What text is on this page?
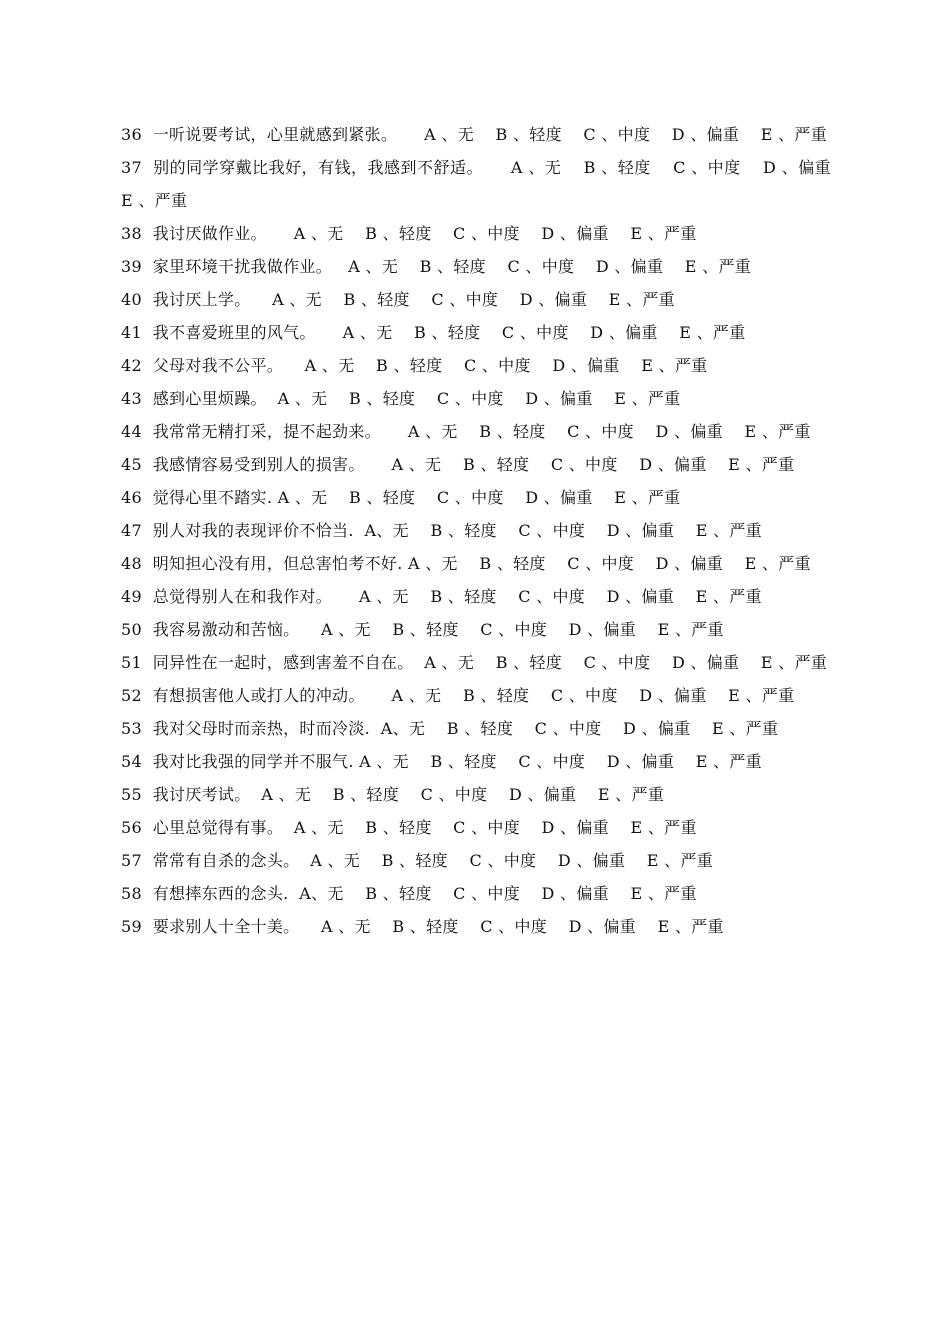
36  一听说要考试，心里就感到紧张。     A 、无    B 、轻度    C 、中度    D 、偏重    E 、严重
37  别的同学穿戴比我好，有钱，我感到不舒适。     A 、无    B 、轻度    C 、中度    D 、偏重    E 、严重
38  我讨厌做作业。     A 、无    B 、轻度    C 、中度    D 、偏重    E 、严重
39  家里环境干扰我做作业。   A 、无    B 、轻度    C 、中度    D 、偏重    E 、严重
40  我讨厌上学。    A 、无    B 、轻度    C 、中度    D 、偏重    E 、严重
41  我不喜爱班里的风气。     A 、无    B 、轻度    C 、中度    D 、偏重    E 、严重
42  父母对我不公平。    A 、无    B 、轻度    C 、中度    D 、偏重    E 、严重
43  感到心里烦躁。  A 、无    B 、轻度    C 、中度    D 、偏重    E 、严重
44  我常常无精打采，提不起劲来。     A 、无    B 、轻度    C 、中度    D 、偏重    E 、严重
45  我感情容易受到别人的损害。     A 、无    B 、轻度    C 、中度    D 、偏重    E 、严重
46  觉得心里不踏实. A 、无    B 、轻度    C 、中度    D 、偏重    E 、严重
47  别人对我的表现评价不恰当.  A、无    B 、轻度    C 、中度    D 、偏重    E 、严重
48  明知担心没有用，但总害怕考不好. A 、无    B 、轻度    C 、中度    D 、偏重    E 、严重
49  总觉得别人在和我作对。     A 、无    B 、轻度    C 、中度    D 、偏重    E 、严重
50  我容易激动和苦恼。    A 、无    B 、轻度    C 、中度    D 、偏重    E 、严重
51  同异性在一起时，感到害羞不自在。  A 、无    B 、轻度    C 、中度    D 、偏重    E 、严重
52  有想损害他人或打人的冲动。     A 、无    B 、轻度    C 、中度    D 、偏重    E 、严重
53  我对父母时而亲热，时而冷淡.  A、无    B 、轻度    C 、中度    D 、偏重    E 、严重
54  我对比我强的同学并不服气. A 、无    B 、轻度    C 、中度    D 、偏重    E 、严重
55  我讨厌考试。  A 、无    B 、轻度    C 、中度    D 、偏重    E 、严重
56  心里总觉得有事。  A 、无    B 、轻度    C 、中度    D 、偏重    E 、严重
57  常常有自杀的念头。  A 、无    B 、轻度    C 、中度    D 、偏重    E 、严重
58  有想摔东西的念头.  A、无    B 、轻度    C 、中度    D 、偏重    E 、严重
59  要求别人十全十美。    A 、无    B 、轻度    C 、中度    D 、偏重    E 、严重
